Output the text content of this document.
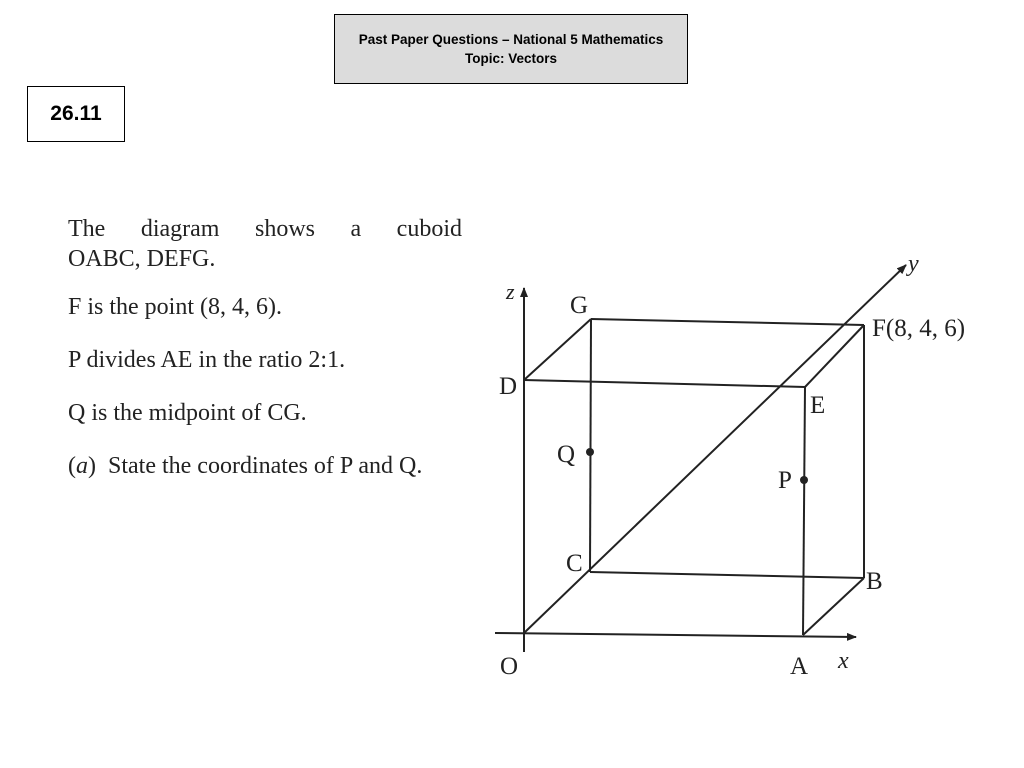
Past Paper Questions – National 5 Mathematics
Topic: Vectors
26.11

The diagram shows a cuboid

OABC, DEFG.

F is the point (8, 4, 6).

P divides AE in the ratio 2:1.

Q is the midpoint of CG.

(a)  State the coordinates of P and Q.

z
y
x
O	A
B
C
D
E
G
F(8, 4, 6)
P
Q
